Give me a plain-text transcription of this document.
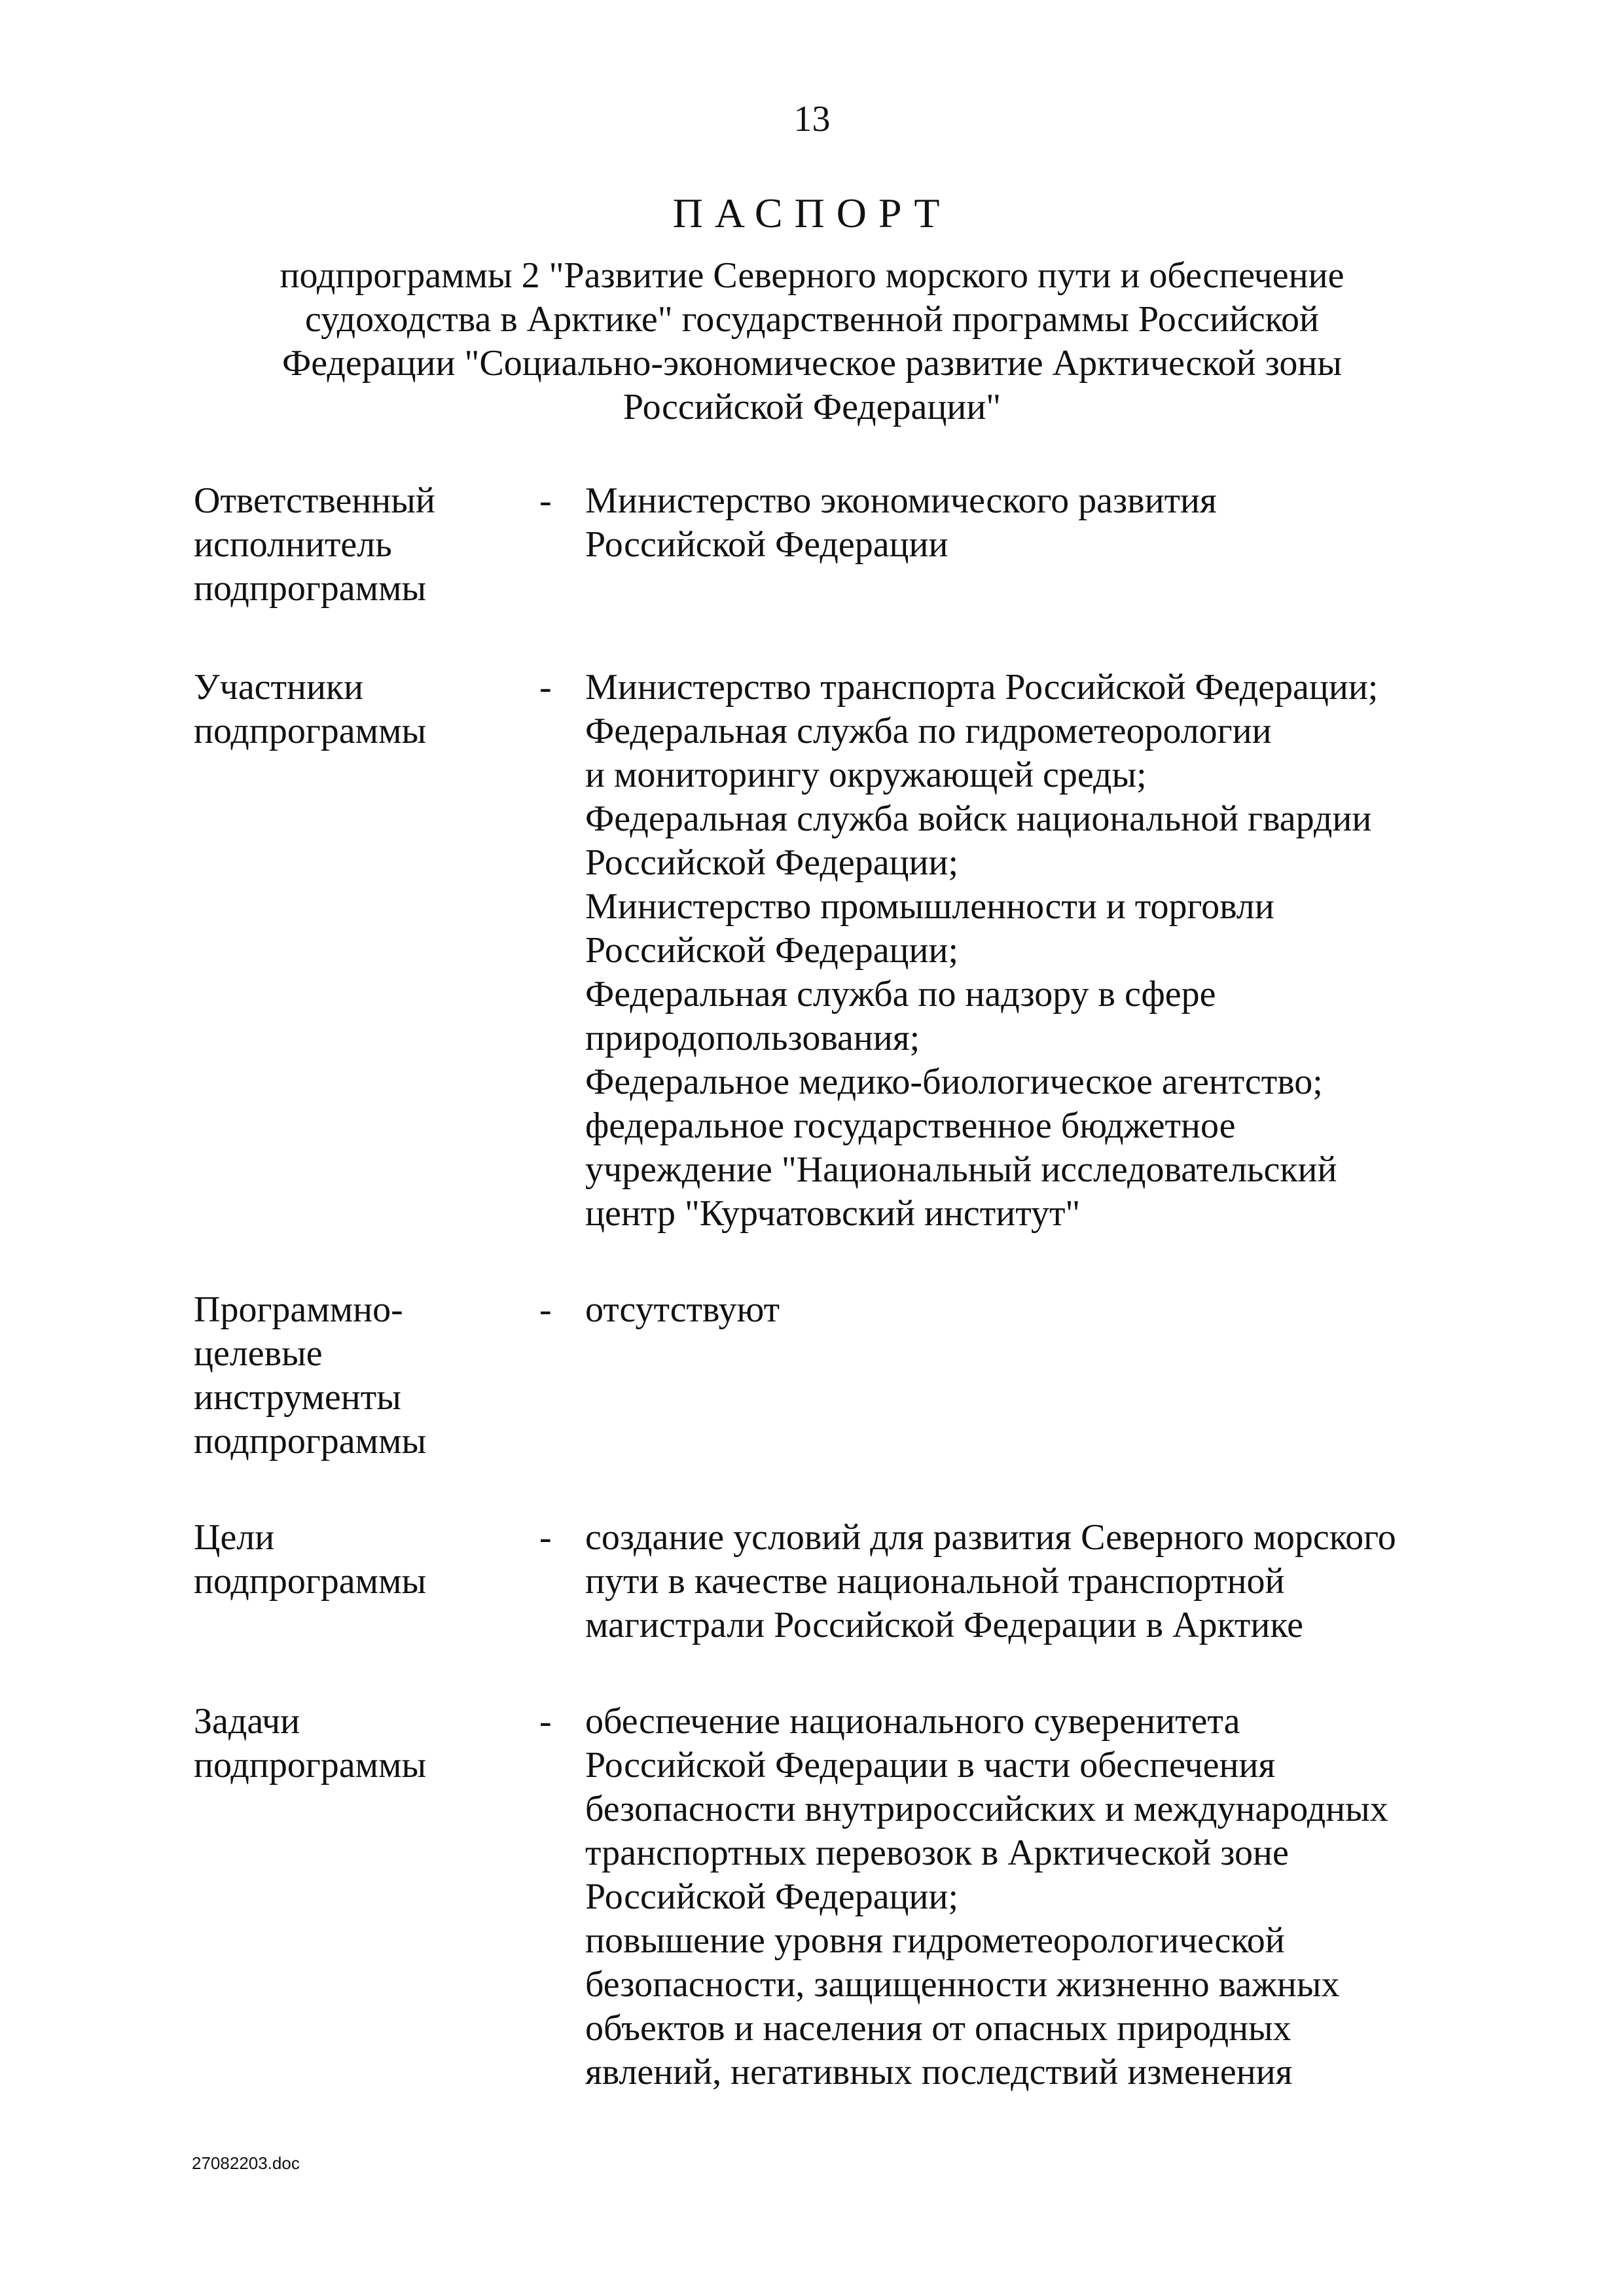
13
ПАСПОРТ
подпрограммы 2 "Развитие Северного морского пути и обеспечение
судоходства в Арктике" государственной программы Российской
Федерации "Социально-экономическое развитие Арктической зоны
Российской Федерации"
Ответственный
исполнитель
подпрограммы
- Министерство экономического развития
Российской Федерации
Участники
подпрограммы
- Министерство транспорта Российской Федерации;
Федеральная служба по гидрометеорологии
и мониторингу окружающей среды;
Федеральная служба войск национальной гвардии
Российской Федерации;
Министерство промышленности и торговли
Российской Федерации;
Федеральная служба по надзору в сфере
природопользования;
Федеральное медико-биологическое агентство;
федеральное государственное бюджетное
учреждение "Национальный исследовательский
центр "Курчатовский институт"
Программно-
целевые
инструменты
подпрограммы
- отсутствуют
Цели
подпрограммы
- создание условий для развития Северного морского
пути в качестве национальной транспортной
магистрали Российской Федерации в Арктике
Задачи
подпрограммы
- обеспечение национального суверенитета
Российской Федерации в части обеспечения
безопасности внутрироссийских и международных
транспортных перевозок в Арктической зоне
Российской Федерации;
повышение уровня гидрометеорологической
безопасности, защищенности жизненно важных
объектов и населения от опасных природных
явлений, негативных последствий изменения
27082203.doc
